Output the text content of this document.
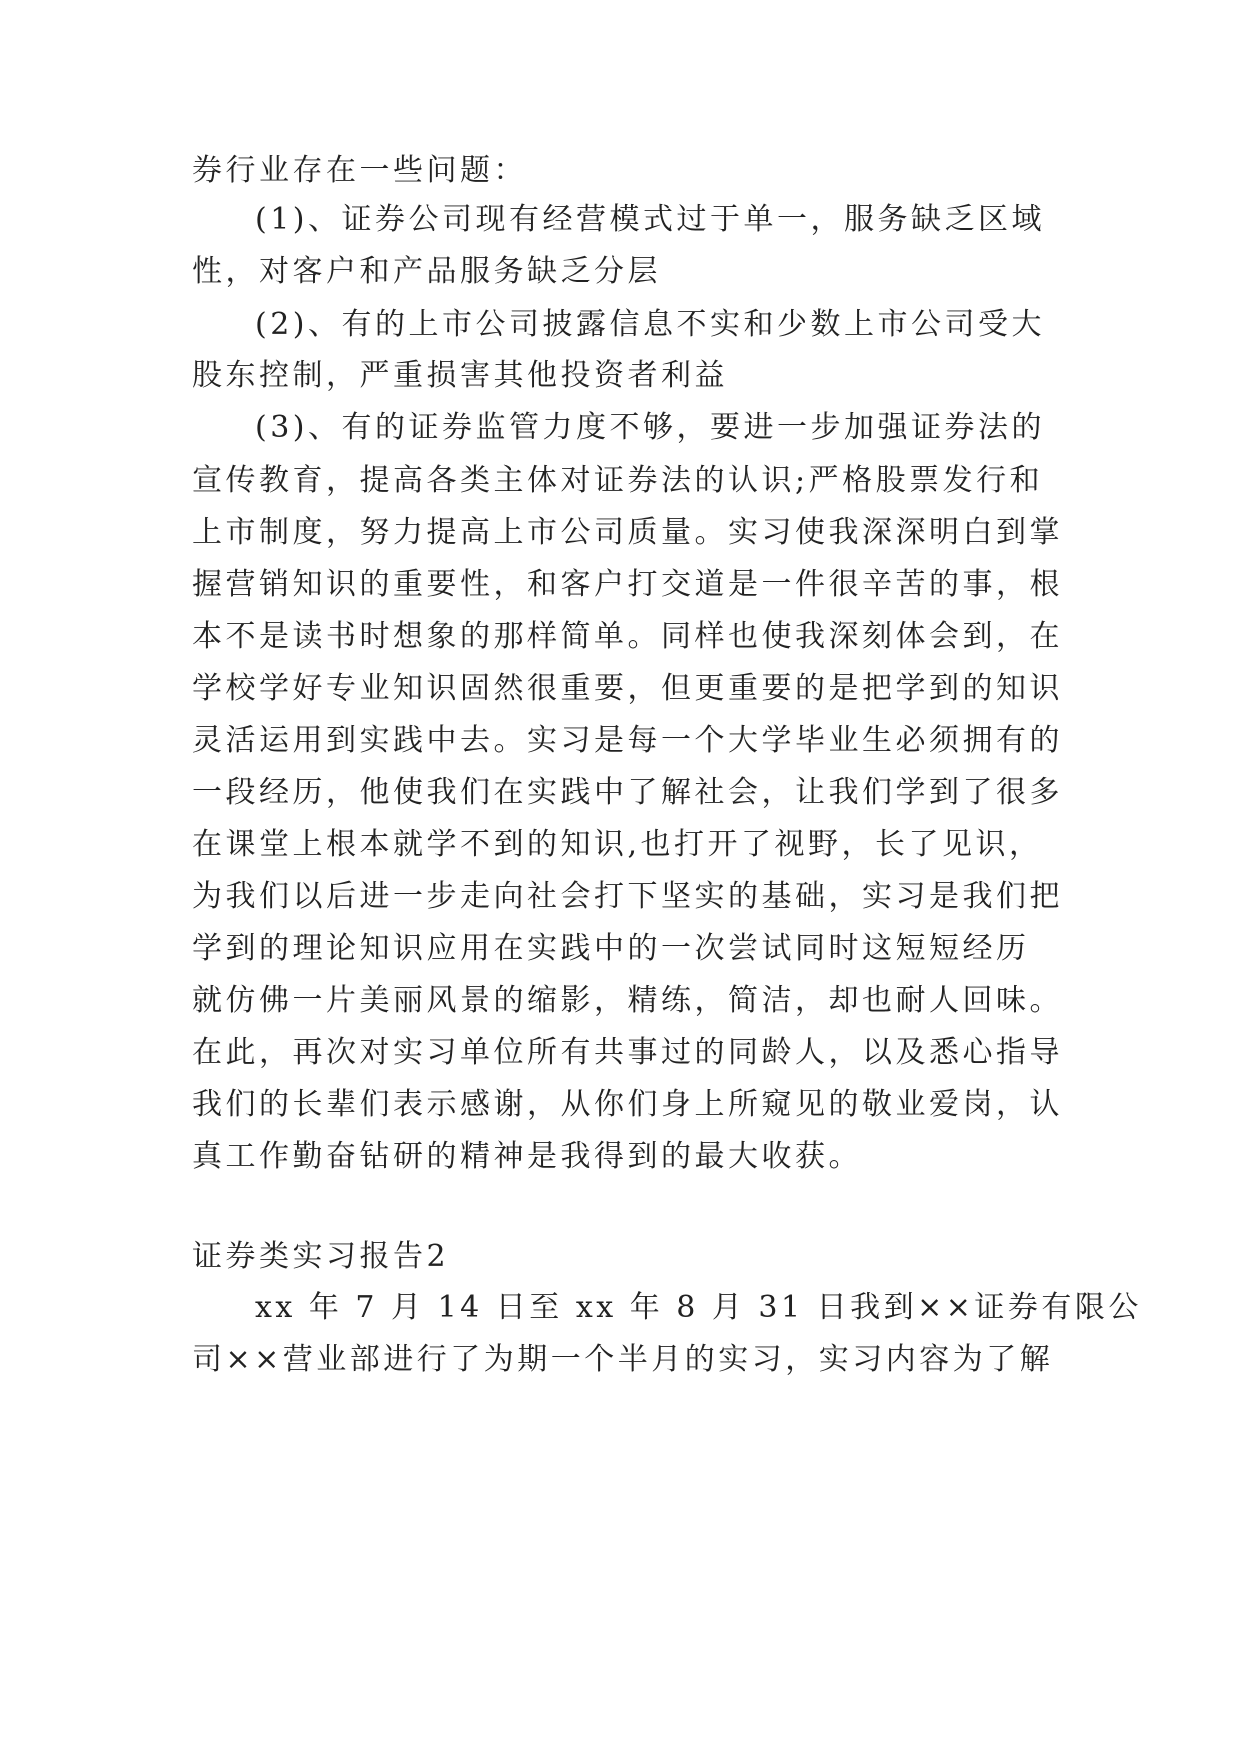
券行业存在一些问题：
(1)、证券公司现有经营模式过于单一，服务缺乏区域
性，对客户和产品服务缺乏分层
(2)、有的上市公司披露信息不实和少数上市公司受大
股东控制，严重损害其他投资者利益
(3)、有的证券监管力度不够，要进一步加强证券法的
宣传教育，提高各类主体对证券法的认识;严格股票发行和
上市制度，努力提高上市公司质量。实习使我深深明白到掌
握营销知识的重要性，和客户打交道是一件很辛苦的事，根
本不是读书时想象的那样简单。同样也使我深刻体会到，在
学校学好专业知识固然很重要，但更重要的是把学到的知识
灵活运用到实践中去。实习是每一个大学毕业生必须拥有的
一段经历，他使我们在实践中了解社会，让我们学到了很多
在课堂上根本就学不到的知识,也打开了视野，长了见识，
为我们以后进一步走向社会打下坚实的基础，实习是我们把
学到的理论知识应用在实践中的一次尝试同时这短短经历
就仿佛一片美丽风景的缩影，精练，简洁，却也耐人回味。
在此，再次对实习单位所有共事过的同龄人，以及悉心指导
我们的长辈们表示感谢，从你们身上所窥见的敬业爱岗，认
真工作勤奋钻研的精神是我得到的最大收获。
证券类实习报告2
xx 年 7 月 14 日至 xx 年 8 月 31 日我到××证券有限公
司××营业部进行了为期一个半月的实习，实习内容为了解
